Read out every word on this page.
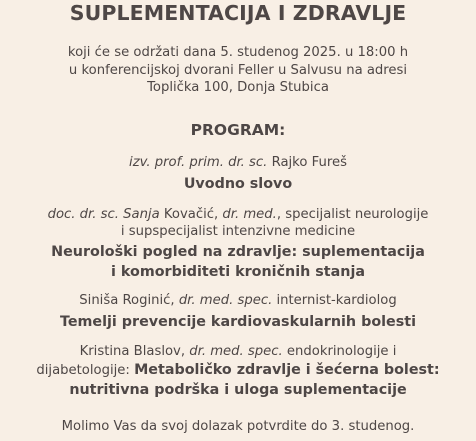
SUPLEMENTACIJA I ZDRAVLJE
koji će se održati dana 5. studenog 2025. u 18:00 h
u konferencijskoj dvorani Feller u Salvusu na adresi
Toplička 100, Donja Stubica
PROGRAM:
izv. prof. prim. dr. sc. Rajko Fureš
Uvodno slovo
doc. dr. sc. Sanja Kovačić, dr. med., specijalist neurologije
i supspecijalist intenzivne medicine
Neurološki pogled na zdravlje: suplementacija
i komorbiditeti kroničnih stanja
Siniša Roginić, dr. med. spec. internist-kardiolog
Temelji prevencije kardiovaskularnih bolesti
Kristina Blaslov, dr. med. spec. endokrinologije i
dijabetologije: Metaboličko zdravlje i šećerna bolest:
nutritivna podrška i uloga suplementacije
Molimo Vas da svoj dolazak potvrdite do 3. studenog.
